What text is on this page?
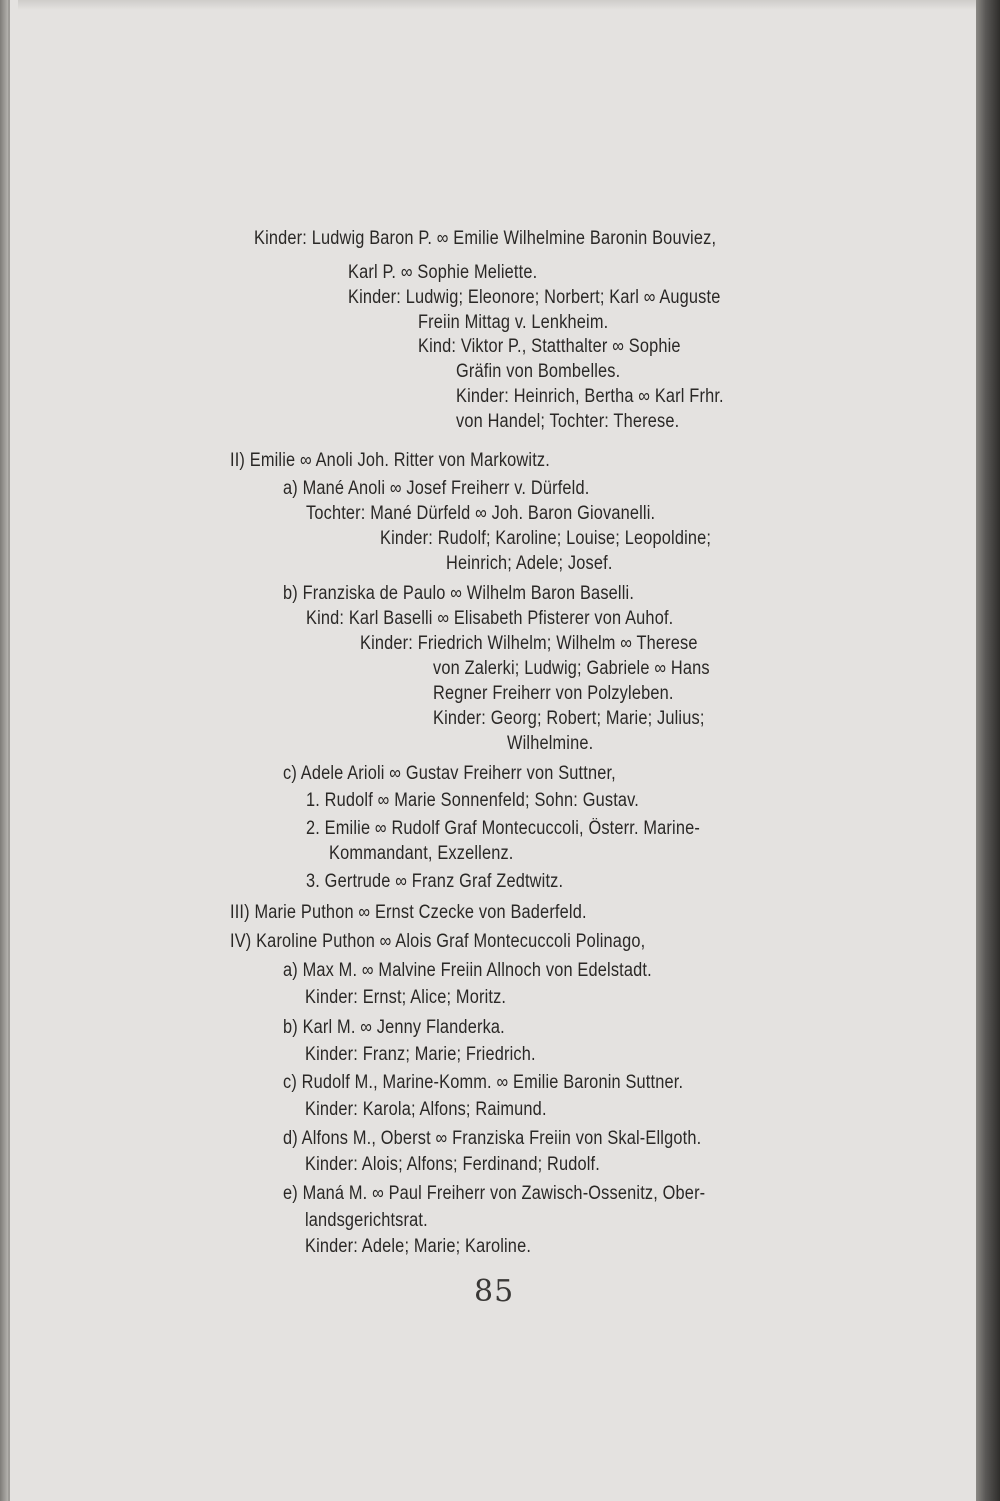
Kinder: Ludwig Baron P. ∞ Emilie Wilhelmine Baronin Bouviez,
Karl P. ∞ Sophie Meliette.
Kinder: Ludwig; Eleonore; Norbert; Karl ∞ Auguste
Freiin Mittag v. Lenkheim.
Kind: Viktor P., Statthalter ∞ Sophie
Gräfin von Bombelles.
Kinder: Heinrich, Bertha ∞ Karl Frhr.
von Handel; Tochter: Therese.
II) Emilie ∞ Anoli Joh. Ritter von Markowitz.
a) Mané Anoli ∞ Josef Freiherr v. Dürfeld.
Tochter: Mané Dürfeld ∞ Joh. Baron Giovanelli.
Kinder: Rudolf; Karoline; Louise; Leopoldine;
Heinrich; Adele; Josef.
b) Franziska de Paulo ∞ Wilhelm Baron Baselli.
Kind: Karl Baselli ∞ Elisabeth Pfisterer von Auhof.
Kinder: Friedrich Wilhelm; Wilhelm ∞ Therese
von Zalerki; Ludwig; Gabriele ∞ Hans
Regner Freiherr von Polzyleben.
Kinder: Georg; Robert; Marie; Julius;
Wilhelmine.
c) Adele Arioli ∞ Gustav Freiherr von Suttner,
1. Rudolf ∞ Marie Sonnenfeld; Sohn: Gustav.
2. Emilie ∞ Rudolf Graf Montecuccoli, Österr. Marine-
Kommandant, Exzellenz.
3. Gertrude ∞ Franz Graf Zedtwitz.
III) Marie Puthon ∞ Ernst Czecke von Baderfeld.
IV) Karoline Puthon ∞ Alois Graf Montecuccoli Polinago,
a) Max M. ∞ Malvine Freiin Allnoch von Edelstadt.
Kinder: Ernst; Alice; Moritz.
b) Karl M. ∞ Jenny Flanderka.
Kinder: Franz; Marie; Friedrich.
c) Rudolf M., Marine-Komm. ∞ Emilie Baronin Suttner.
Kinder: Karola; Alfons; Raimund.
d) Alfons M., Oberst ∞ Franziska Freiin von Skal-Ellgoth.
Kinder: Alois; Alfons; Ferdinand; Rudolf.
e) Maná M. ∞ Paul Freiherr von Zawisch-Ossenitz, Ober-
landsgerichtsrat.
Kinder: Adele; Marie; Karoline.
85
